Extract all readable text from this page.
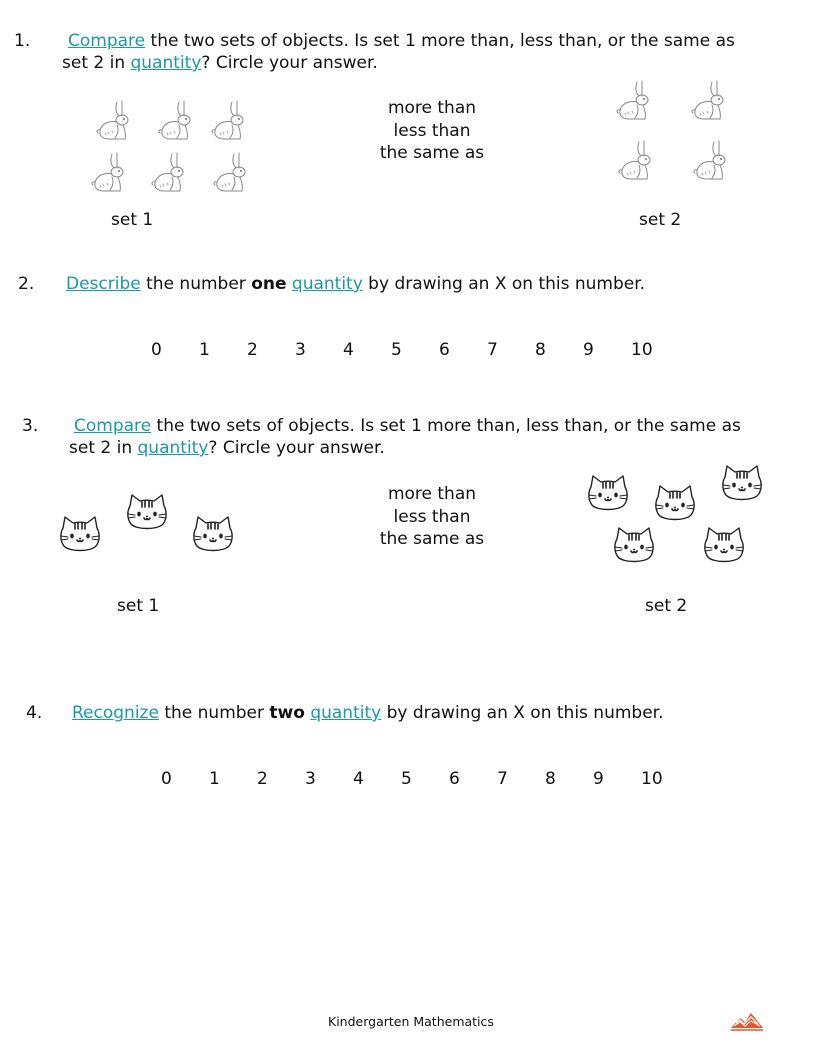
1. Compare the two sets of objects. Is set 1 more than, less than, or the same as
set 2 in quantity? Circle your answer.
more than
less than
the same as
set 1	set 2
2. Describe the number one quantity by drawing an X on this number.
0 1 2 3 4 5 6 7 8 9 10
3. Compare the two sets of objects. Is set 1 more than, less than, or the same as
set 2 in quantity? Circle your answer.
more than
less than
the same as
set 1	set 2
4. Recognize the number two quantity by drawing an X on this number.
0 1 2 3 4 5 6 7 8 9 10
Kindergarten Mathematics
